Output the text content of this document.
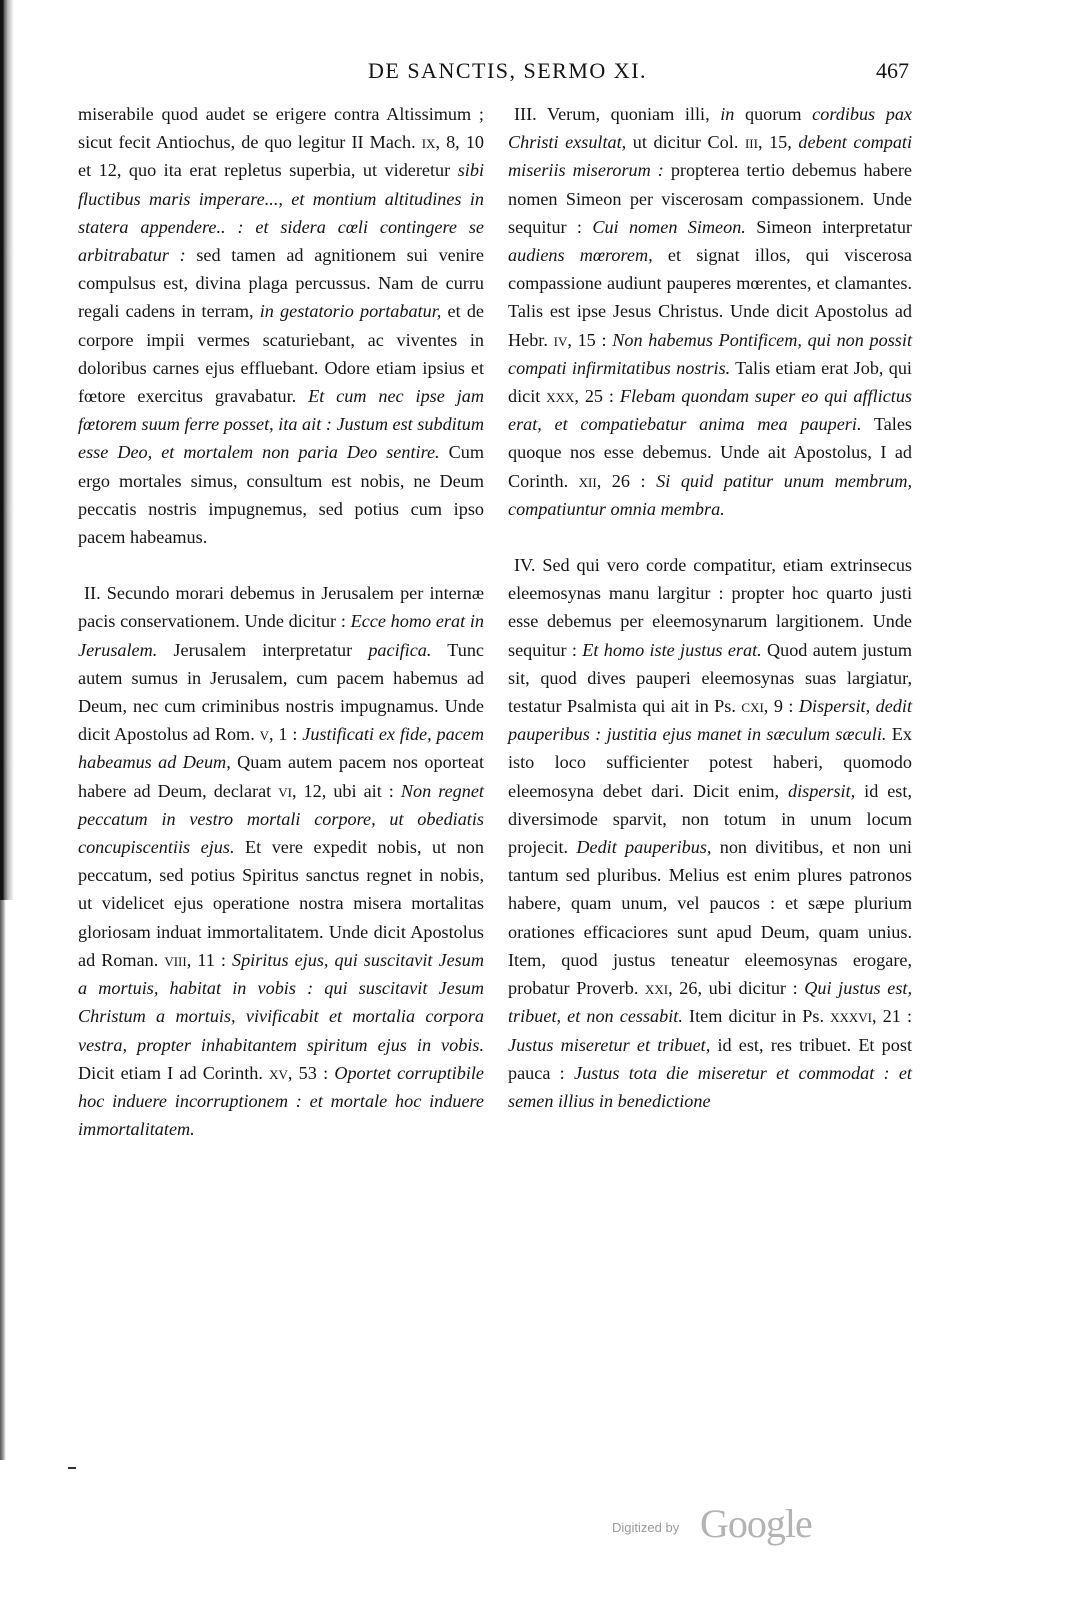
DE SANCTIS, SERMO XI.	467

miserabile quod audet se erigere contra Altissimum ; sicut fecit Antiochus, de quo legitur II Mach. ix, 8, 10 et 12, quo ita erat repletus superbia, ut videretur sibi fluctibus maris imperare..., et montium altitudines in statera appendere.. : et sidera cœli contingere se arbitrabatur : sed tamen ad agnitionem sui venire compulsus est, divina plaga percussus. Nam de curru regali cadens in terram, in gestatorio portabatur, et de corpore impii vermes scaturiebant, ac viventes in doloribus carnes ejus effluebant. Odore etiam ipsius et fœtore exercitus gravabatur. Et cum nec ipse jam fœtorem suum ferre posset, ita ait : Justum est subditum esse Deo, et mortalem non paria Deo sentire. Cum ergo mortales simus, consultum est nobis, ne Deum peccatis nostris impugnemus, sed potius cum ipso pacem habeamus.

II. Secundo morari debemus in Jerusalem per internæ pacis conservationem. Unde dicitur : Ecce homo erat in Jerusalem. Jerusalem interpretatur pacifica. Tunc autem sumus in Jerusalem, cum pacem habemus ad Deum, nec cum criminibus nostris impugnamus. Unde dicit Apostolus ad Rom. v, 1 : Justificati ex fide, pacem habeamus ad Deum, Quam autem pacem nos oporteat habere ad Deum, declarat vi, 12, ubi ait : Non regnet peccatum in vestro mortali corpore, ut obediatis concupiscentiis ejus. Et vere expedit nobis, ut non peccatum, sed potius Spiritus sanctus regnet in nobis, ut videlicet ejus operatione nostra misera mortalitas gloriosam induat immortalitatem. Unde dicit Apostolus ad Roman. viii, 11 : Spiritus ejus, qui suscitavit Jesum a mortuis, habitat in vobis : qui suscitavit Jesum Christum a mortuis, vivificabit et mortalia corpora vestra, propter inhabitantem spiritum ejus in vobis. Dicit etiam I ad Corinth. xv, 53 : Oportet corruptibile hoc induere incorruptionem : et mortale hoc induere immortalitatem.

III. Verum, quoniam illi, in quorum cordibus pax Christi exsultat, ut dicitur Col. iii, 15, debent compati miseriis miserorum : propterea tertio debemus habere nomen Simeon per viscerosam compassionem. Unde sequitur : Cui nomen Simeon. Simeon interpretatur audiens mœrorem, et signat illos, qui viscerosa compassione audiunt pauperes mœrentes, et clamantes. Talis est ipse Jesus Christus. Unde dicit Apostolus ad Hebr. iv, 15 : Non habemus Pontificem, qui non possit compati infirmitatibus nostris. Talis etiam erat Job, qui dicit xxx, 25 : Flebam quondam super eo qui afflictus erat, et compatiebatur anima mea pauperi. Tales quoque nos esse debemus. Unde ait Apostolus, I ad Corinth. xii, 26 : Si quid patitur unum membrum, compatiuntur omnia membra.

IV. Sed qui vero corde compatitur, etiam extrinsecus eleemosynas manu largitur : propter hoc quarto justi esse debemus per eleemosynarum largitionem. Unde sequitur : Et homo iste justus erat. Quod autem justum sit, quod dives pauperi eleemosynas suas largiatur, testatur Psalmista qui ait in Ps. cxi, 9 : Dispersit, dedit pauperibus : justitia ejus manet in sæculum sæculi. Ex isto loco sufficienter potest haberi, quomodo eleemosyna debet dari. Dicit enim, dispersit, id est, diversimode sparvit, non totum in unum locum projecit. Dedit pauperibus, non divitibus, et non uni tantum sed pluribus. Melius est enim plures patronos habere, quam unum, vel paucos : et sæpe plurium orationes efficaciores sunt apud Deum, quam unius. Item, quod justus teneatur eleemosynas erogare, probatur Proverb. xxi, 26, ubi dicitur : Qui justus est, tribuet, et non cessabit. Item dicitur in Ps. xxxvi, 21 : Justus miseretur et tribuet, id est, res tribuet. Et post pauca : Justus tota die miseretur et commodat : et semen illius in benedictione

Digitized by Google
